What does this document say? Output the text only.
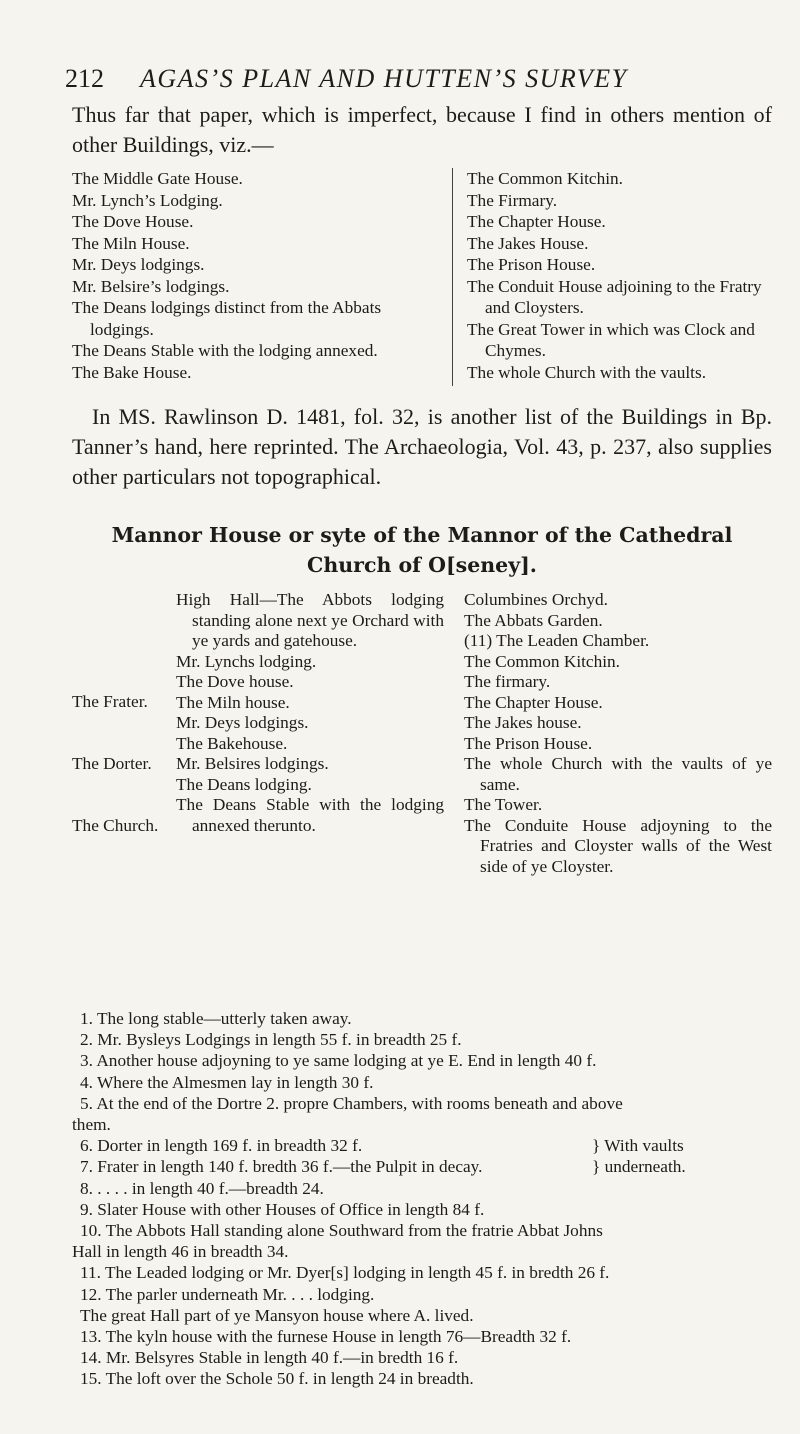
212 AGAS’S PLAN AND HUTTEN’S SURVEY

Thus far that paper, which is imperfect, because I find in others mention of other Buildings, viz.—

The Middle Gate House.

Mr. Lynch’s Lodging.

The Dove House.

The Miln House.

Mr. Deys lodgings.

Mr. Belsire’s lodgings.

The Deans lodgings distinct from the Abbats lodgings.

The Deans Stable with the lodging annexed.

The Bake House.

The Common Kitchin.

The Firmary.

The Chapter House.

The Jakes House.

The Prison House.

The Conduit House adjoining to the Fratry and Cloysters.

The Great Tower in which was Clock and Chymes.

The whole Church with the vaults.

In MS. Rawlinson D. 1481, fol. 32, is another list of the Buildings in Bp. Tanner’s hand, here reprinted. The Archaeologia, Vol. 43, p. 237, also supplies other particulars not topographical.

Mannor House or syte of the Mannor of the Cathedral
Church of O[seney].
The Frater.
The Dorter.
The Church.

High Hall—The Abbots lodging standing alone next ye Orchard with ye yards and gatehouse.

Mr. Lynchs lodging.

The Dove house.

The Miln house.

Mr. Deys lodgings.

The Bakehouse.

Mr. Belsires lodgings.

The Deans lodging.

The Deans Stable with the lodging annexed therunto.

Columbines Orchyd.

The Abbats Garden.

(11) The Leaden Chamber.

The Common Kitchin.

The firmary.

The Chapter House.

The Jakes house.

The Prison House.

The whole Church with the vaults of ye same.

The Tower.

The Conduite House adjoyning to the Fratries and Cloyster walls of the West side of ye Cloyster.

1. The long stable—utterly taken away.

2. Mr. Bysleys Lodgings in length 55 f. in breadth 25 f.

3. Another house adjoyning to ye same lodging at ye E. End in length 40 f.

4. Where the Almesmen lay in length 30 f.

5. At the end of the Dortre 2. propre Chambers, with rooms beneath and above

them.

6. Dorter in length 169 f. in breadth 32 f.	} With vaults

7. Frater in length 140 f. bredth 36 f.—the Pulpit in decay.	} underneath.

8. . . . . in length 40 f.—breadth 24.

9. Slater House with other Houses of Office in length 84 f.

10. The Abbots Hall standing alone Southward from the fratrie Abbat Johns

Hall in length 46 in breadth 34.

11. The Leaded lodging or Mr. Dyer[s] lodging in length 45 f. in bredth 26 f.

12. The parler underneath Mr. . . . lodging.

The great Hall part of ye Mansyon house where A. lived.

13. The kyln house with the furnese House in length 76—Breadth 32 f.

14. Mr. Belsyres Stable in length 40 f.—in bredth 16 f.

15. The loft over the Schole 50 f. in length 24 in breadth.
